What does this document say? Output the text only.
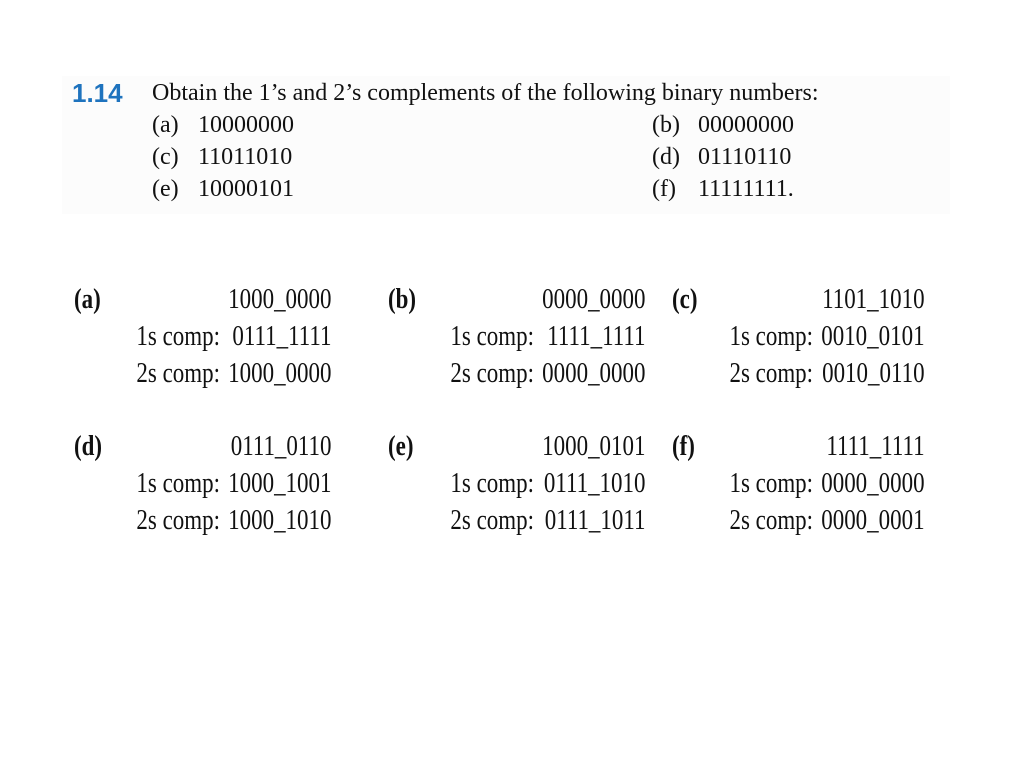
1.14 Obtain the 1’s and 2’s complements of the following binary numbers:
(a) 10000000	(b) 00000000
(c) 11011010	(d) 01110110
(e) 10000101	(f) 11111111.
(a)	1000_0000
1s comp: 0111_1111
2s comp: 1000_0000
(b)	0000_0000
1s comp: 1111_1111
2s comp: 0000_0000
(c)	1101_1010
1s comp: 0010_0101
2s comp: 0010_0110
(d)	0111_0110
1s comp: 1000_1001
2s comp: 1000_1010
(e)	1000_0101
1s comp: 0111_1010
2s comp: 0111_1011
(f)	1111_1111
1s comp: 0000_0000
2s comp: 0000_0001
